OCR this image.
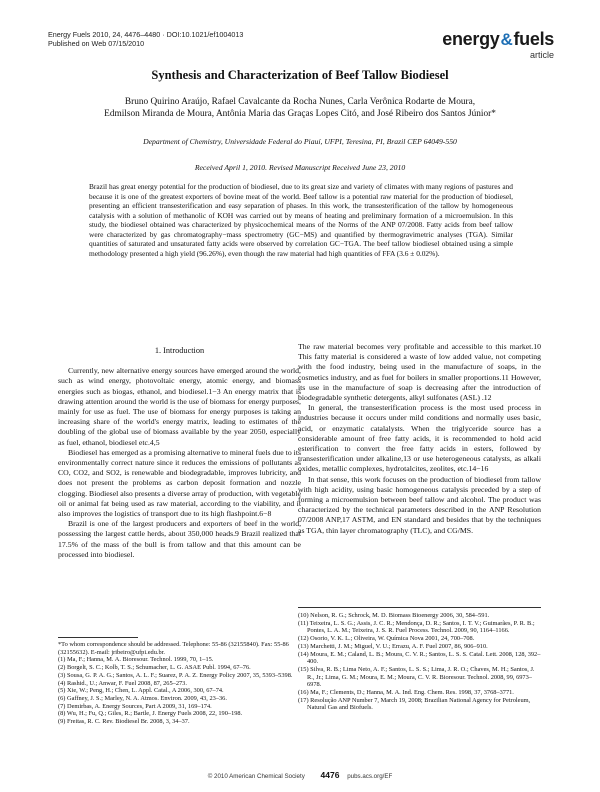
Energy Fuels 2010, 24, 4476–4480 · DOI:10.1021/ef1004013
Published on Web 07/15/2010	energy&fuels
article
Synthesis and Characterization of Beef Tallow Biodiesel
Bruno Quirino Araújo, Rafael Cavalcante da Rocha Nunes, Carla Verônica Rodarte de Moura,
Edmilson Miranda de Moura, Antônia Maria das Graças Lopes Citó, and José Ribeiro dos Santos Júnior*
Department of Chemistry, Universidade Federal do Piauí, UFPI, Teresina, PI, Brazil CEP 64049-550
Received April 1, 2010. Revised Manuscript Received June 23, 2010
Brazil has great energy potential for the production of biodiesel, due to its great size and variety of climates with many regions of pastures and because it is one of the greatest exporters of bovine meat of the world. Beef tallow is a potential raw material for the production of biodiesel, presenting an efficient transesterification and easy separation of phases. In this work, the transesterification of the tallow by homogeneous catalysis with a solution of methanolic of KOH was carried out by means of heating and preliminary formation of a microemulsion. In this study, the biodiesel obtained was characterized by physicochemical means of the Norms of the ANP 07/2008. Fatty acids from beef tallow were characterized by gas chromatography−mass spectrometry (GC−MS) and quantified by thermogravimetric analyses (TGA). Similar quantities of saturated and unsaturated fatty acids were observed by correlation GC−TGA. The beef tallow biodiesel obtained using a simple methodology presented a high yield (96.26%), even though the raw material had high quantities of FFA (3.6 ± 0.02%).
1. Introduction

Currently, new alternative energy sources have emerged around the world, such as wind energy, photovoltaic energy, atomic energy, and biomass energies such as biogas, ethanol, and biodiesel.1−3 An energy matrix that is drawing attention around the world is the use of biomass for energy purposes, mainly for use as fuel. The use of biomass for energy purposes is taking an increasing share of the world's energy matrix, leading to estimates of the doubling of the global use of biomass available by the year 2050, especially as fuel, ethanol, biodiesel etc.4,5

Biodiesel has emerged as a promising alternative to mineral fuels due to its environmentally correct nature since it reduces the emissions of pollutants as CO, CO2, and SO2, is renewable and biodegradable, improves lubricity, and does not present the problems as carbon deposit formation and nozzle clogging. Biodiesel also presents a diverse array of production, with vegetable oil or animal fat being used as raw material, according to the viability, and it also improves the logistics of transport due to its high flashpoint.6−8

Brazil is one of the largest producers and exporters of beef in the world, possessing the largest cattle herds, about 350,000 heads.9 Brazil realized that 17.5% of the mass of the bull is from tallow and that this amount can be processed into biodiesel.

The raw material becomes very profitable and accessible to this market.10 This fatty material is considered a waste of low added value, not competing with the food industry, being used in the manufacture of soaps, in the cosmetics industry, and as fuel for boilers in smaller proportions.11 However, its use in the manufacture of soap is decreasing after the introduction of biodegradable synthetic detergents, alkyl sulfonates (ASL) .12

In general, the transesterification process is the most used process in industries because it occurs under mild conditions and normally uses basic, acid, or enzymatic catalalysts. When the triglyceride source has a considerable amount of free fatty acids, it is recommended to hold acid esterification to convert the free fatty acids in esters, followed by transesterification under alkaline,13 or use heterogeneous catalysts, as alkali oxides, metallic complexes, hydrotalcites, zeolites, etc.14−16

In that sense, this work focuses on the production of biodiesel from tallow with high acidity, using basic homogeneous catalysis preceded by a step of forming a microemulsion between beef tallow and alcohol. The product was characterized by the technical parameters described in the ANP Resolution 07/2008 ANP,17 ASTM, and EN standard and besides that by the techniques as TGA, thin layer chromatography (TLC), and CG/MS.

*To whom correspondence should be addressed. Telephone: 55-86 (32155840). Fax: 55-86 (32155632). E-mail: jribeiro@ufpi.edu.br.
(1) Ma, F.; Hanna, M. A. Bioresour. Technol. 1999, 70, 1–15.
(2) Borgelt, S. C.; Kolb, T. S.; Schumacher, L. G. ASAE Publ. 1994, 67–76.
(3) Sousa, G. P. A. G.; Santos, A. L. F.; Suarez, P. A. Z. Energy Policy 2007, 35, 5393–5398.
(4) Rashid., U.; Anwar, F. Fuel 2008, 87, 265–273.
(5) Xie, W.; Peng, H.; Chen, L. Appl. Catal., A 2006, 300, 67–74.
(6) Gaffney, J. S.; Marley, N. A. Atmos. Environ. 2009, 43, 23–36.
(7) Demirbas, A. Energy Sources, Part A 2009, 31, 169–174.
(8) Wu, H.; Fu, Q.; Giles, R.; Bartle, J. Energy Fuels 2008, 22, 190–198.
(9) Freitas, R. C. Rev. Biodiesel Br. 2008, 3, 34–37.
(10) Nelson, R. G.; Schrock, M. D. Biomass Bioenergy 2006, 30, 584–591.
(11) Teixeira, L. S. G.; Assis, J. C. R.; Mendonça, D. R.; Santos, I. T. V.; Guimarães, P. R. B.; Pontes, L. A. M.; Teixeira, J. S. R. Fuel Process. Technol. 2009, 90, 1164–1166.
(12) Osorio, V. K. L.; Oliveira, W. Química Nova 2001, 24, 700–708.
(13) Marchetti, J. M.; Miguel, V. U.; Errazu, A. F. Fuel 2007, 86, 906–910.
(14) Moura, E. M.; Caland, L. B.; Moura, C. V. R.; Santos, L. S. S. Catal. Lett. 2008, 128, 392–400.
(15) Silva, R. B.; Lima Neto, A. F.; Santos, L. S. S.; Lima, J. R. O.; Chaves, M. H.; Santos, J. R., Jr.; Lima, G. M.; Moura, E. M.; Moura, C. V. R. Bioresour. Technol. 2008, 99, 6973–6978.
(16) Ma, F.; Clements, D.; Hanna, M. A. Ind. Eng. Chem. Res. 1998, 37, 3768–3771.
(17) Resolução ANP Number 7, March 19, 2008; Brazilian National Agency for Petroleum, Natural Gas and Biofuels.
© 2010 American Chemical Society 4476 pubs.acs.org/EF
